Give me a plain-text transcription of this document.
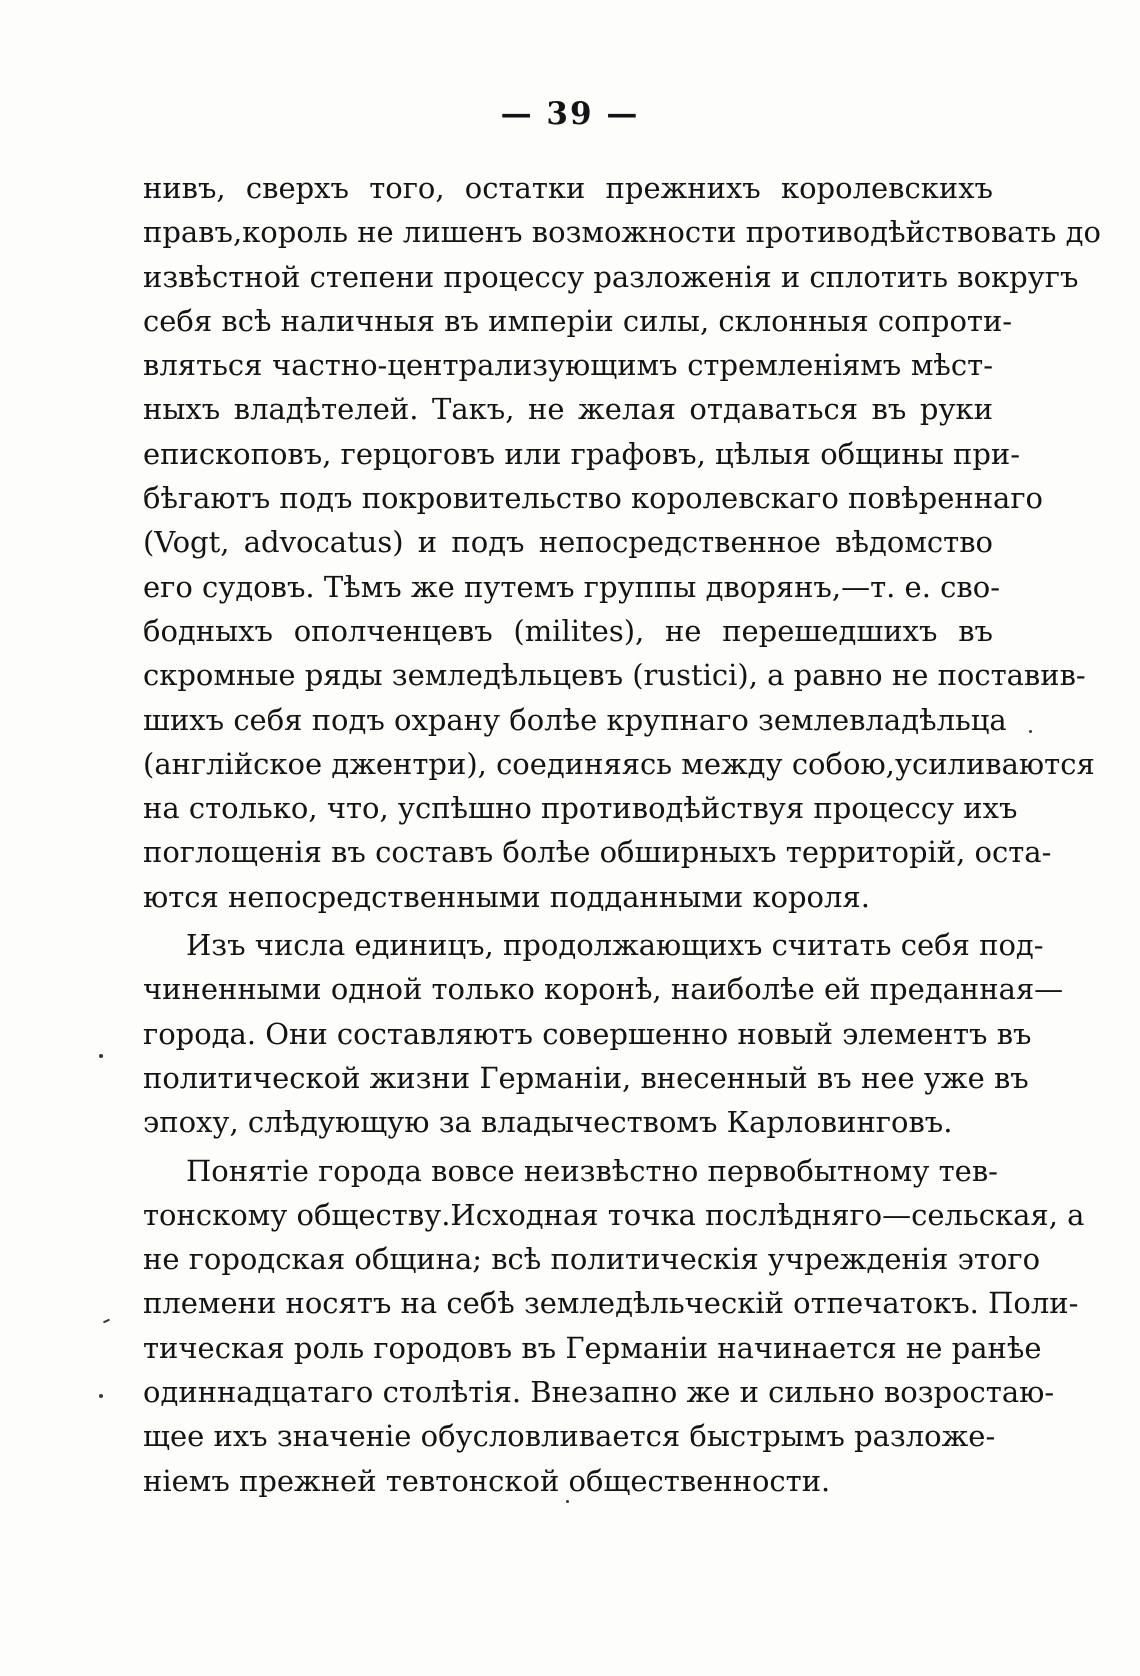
— 39 —
нивъ, сверхъ того, остатки прежнихъ королевскихъ
правъ,король не лишенъ возможности противодѣйствовать до
извѣстной степени процессу разложенія и сплотить вокругъ
себя всѣ наличныя въ имперіи силы, склонныя сопроти-
вляться частно-централизующимъ стремленіямъ мѣст-
ныхъ владѣтелей. Такъ, не желая отдаваться въ руки
епископовъ, герцоговъ или графовъ, цѣлыя общины при-
бѣгаютъ подъ покровительство королевскаго повѣреннаго
(Vogt, advocatus) и подъ непосредственное вѣдомство
его судовъ. Тѣмъ же путемъ группы дворянъ,—т. е. сво-
бодныхъ ополченцевъ (milites), не перешедшихъ въ
скромные ряды земледѣльцевъ (rustici), а равно не поставив-
шихъ себя подъ охрану болѣе крупнаго землевладѣльца
(англійское джентри), соединяясь между собою,усиливаются
на столько, что, успѣшно противодѣйствуя процессу ихъ
поглощенія въ составъ болѣе обширныхъ территорій, оста-
ются непосредственными подданными короля.
Изъ числа единицъ, продолжающихъ считать себя под-
чиненными одной только коронѣ, наиболѣе ей преданная—
города. Они составляютъ совершенно новый элементъ въ
политической жизни Германіи, внесенный въ нее уже въ
эпоху, слѣдующую за владычествомъ Карловинговъ.
Понятіе города вовсе неизвѣстно первобытному тев-
тонскому обществу.Исходная точка послѣдняго—сельская, а
не городская община; всѣ политическія учрежденія этого
племени носятъ на себѣ земледѣльческій отпечатокъ. Поли-
тическая роль городовъ въ Германіи начинается не ранѣе
одиннадцатаго столѣтія. Внезапно же и сильно возростаю-
щее ихъ значеніе обусловливается быстрымъ разложе-
ніемъ прежней тевтонской общественности.
